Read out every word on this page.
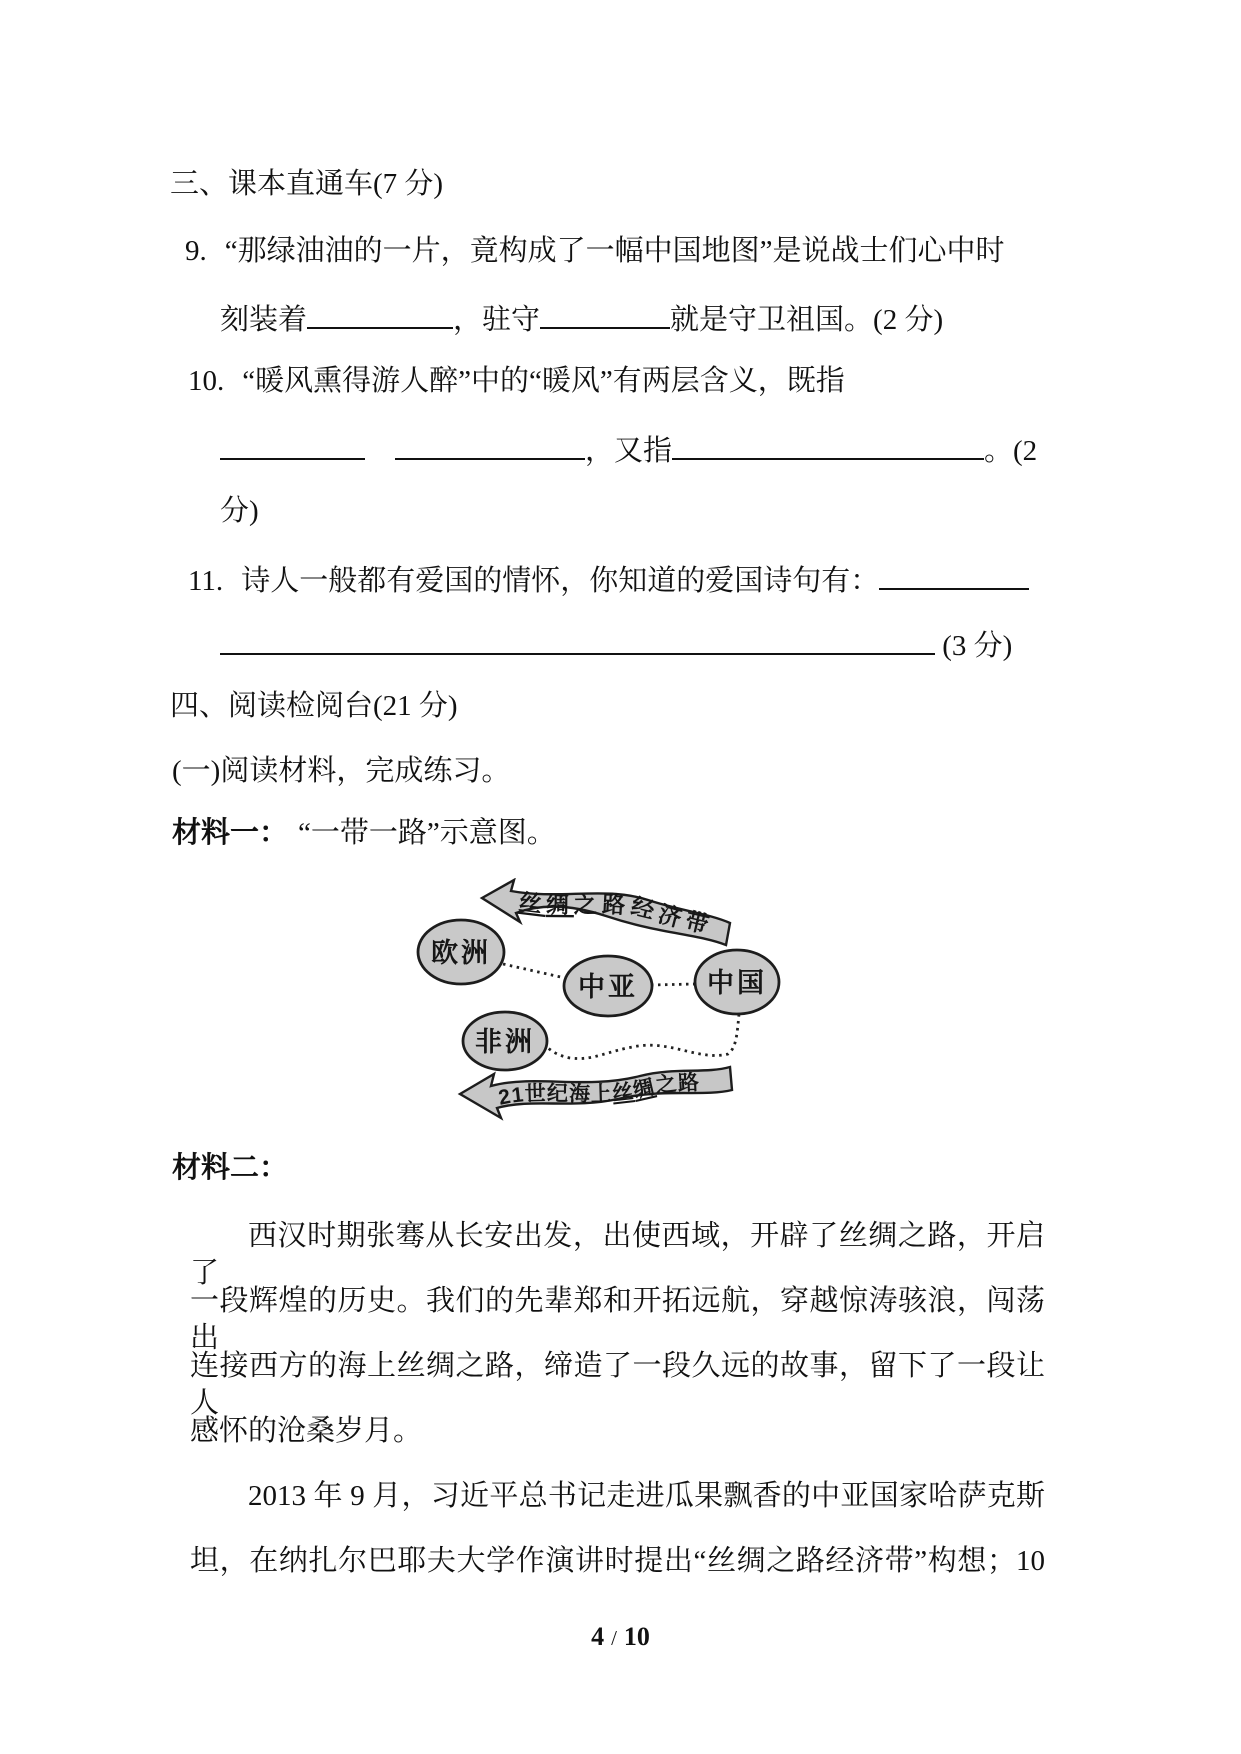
三、课本直通车(7 分)
9. “那绿油油的一片，竟构成了一幅中国地图”是说战士们心中时
刻装着	，驻守	就是守卫祖国。(2 分)
10. “暖风熏得游人醉”中的“暖风”有两层含义，既指
，又指	。(2
分)
11. 诗人一般都有爱国的情怀，你知道的爱国诗句有：
(3 分)
四、阅读检阅台(21 分)
(一)阅读材料，完成练习。
材料一： “一带一路”示意图。
丝绸之路经济带
欧洲
中亚	中国
非洲
21世纪海上丝绸之路
材料二：
西汉时期张骞从长安出发，出使西域，开辟了丝绸之路，开启了
一段辉煌的历史。我们的先辈郑和开拓远航，穿越惊涛骇浪，闯荡出
连接西方的海上丝绸之路，缔造了一段久远的故事，留下了一段让人
感怀的沧桑岁月。
2013 年 9 月，习近平总书记走进瓜果飘香的中亚国家哈萨克斯
坦，在纳扎尔巴耶夫大学作演讲时提出“丝绸之路经济带”构想；10
4 / 10
